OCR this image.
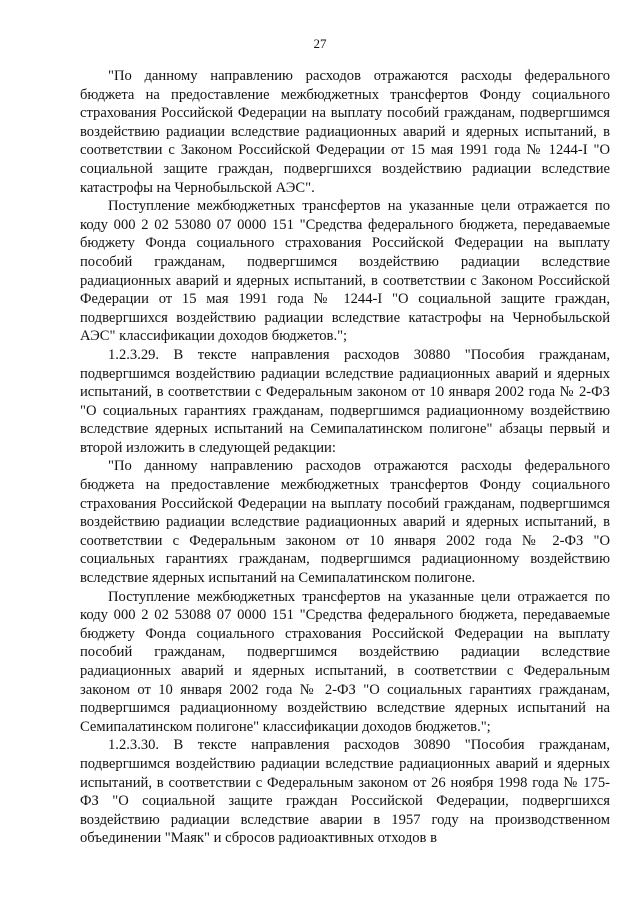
27

"По данному направлению расходов отражаются расходы федерального бюджета на предоставление межбюджетных трансфертов Фонду социального страхования Российской Федерации на выплату пособий гражданам, подвергшимся воздействию радиации вследствие радиационных аварий и ядерных испытаний, в соответствии с Законом Российской Федерации от 15 мая 1991 года № 1244-I "О социальной защите граждан, подвергшихся воздействию радиации вследствие катастрофы на Чернобыльской АЭС".

Поступление межбюджетных трансфертов на указанные цели отражается по коду 000 2 02 53080 07 0000 151 "Средства федерального бюджета, передаваемые бюджету Фонда социального страхования Российской Федерации на выплату пособий гражданам, подвергшимся воздействию радиации вследствие радиационных аварий и ядерных испытаний, в соответствии с Законом Российской Федерации от 15 мая 1991 года № 1244-I "О социальной защите граждан, подвергшихся воздействию радиации вследствие катастрофы на Чернобыльской АЭС" классификации доходов бюджетов.";

1.2.3.29. В тексте направления расходов 30880 "Пособия гражданам, подвергшимся воздействию радиации вследствие радиационных аварий и ядерных испытаний, в соответствии с Федеральным законом от 10 января 2002 года № 2-ФЗ "О социальных гарантиях гражданам, подвергшимся радиационному воздействию вследствие ядерных испытаний на Семипалатинском полигоне" абзацы первый и второй изложить в следующей редакции:

"По данному направлению расходов отражаются расходы федерального бюджета на предоставление межбюджетных трансфертов Фонду социального страхования Российской Федерации на выплату пособий гражданам, подвергшимся воздействию радиации вследствие радиационных аварий и ядерных испытаний, в соответствии с Федеральным законом от 10 января 2002 года № 2-ФЗ "О социальных гарантиях гражданам, подвергшимся радиационному воздействию вследствие ядерных испытаний на Семипалатинском полигоне.

Поступление межбюджетных трансфертов на указанные цели отражается по коду 000 2 02 53088 07 0000 151 "Средства федерального бюджета, передаваемые бюджету Фонда социального страхования Российской Федерации на выплату пособий гражданам, подвергшимся воздействию радиации вследствие радиационных аварий и ядерных испытаний, в соответствии с Федеральным законом от 10 января 2002 года № 2-ФЗ "О социальных гарантиях гражданам, подвергшимся радиационному воздействию вследствие ядерных испытаний на Семипалатинском полигоне" классификации доходов бюджетов.";

1.2.3.30. В тексте направления расходов 30890 "Пособия гражданам, подвергшимся воздействию радиации вследствие радиационных аварий и ядерных испытаний, в соответствии с Федеральным законом от 26 ноября 1998 года № 175-ФЗ "О социальной защите граждан Российской Федерации, подвергшихся воздействию радиации вследствие аварии в 1957 году на производственном объединении "Маяк" и сбросов радиоактивных отходов в
